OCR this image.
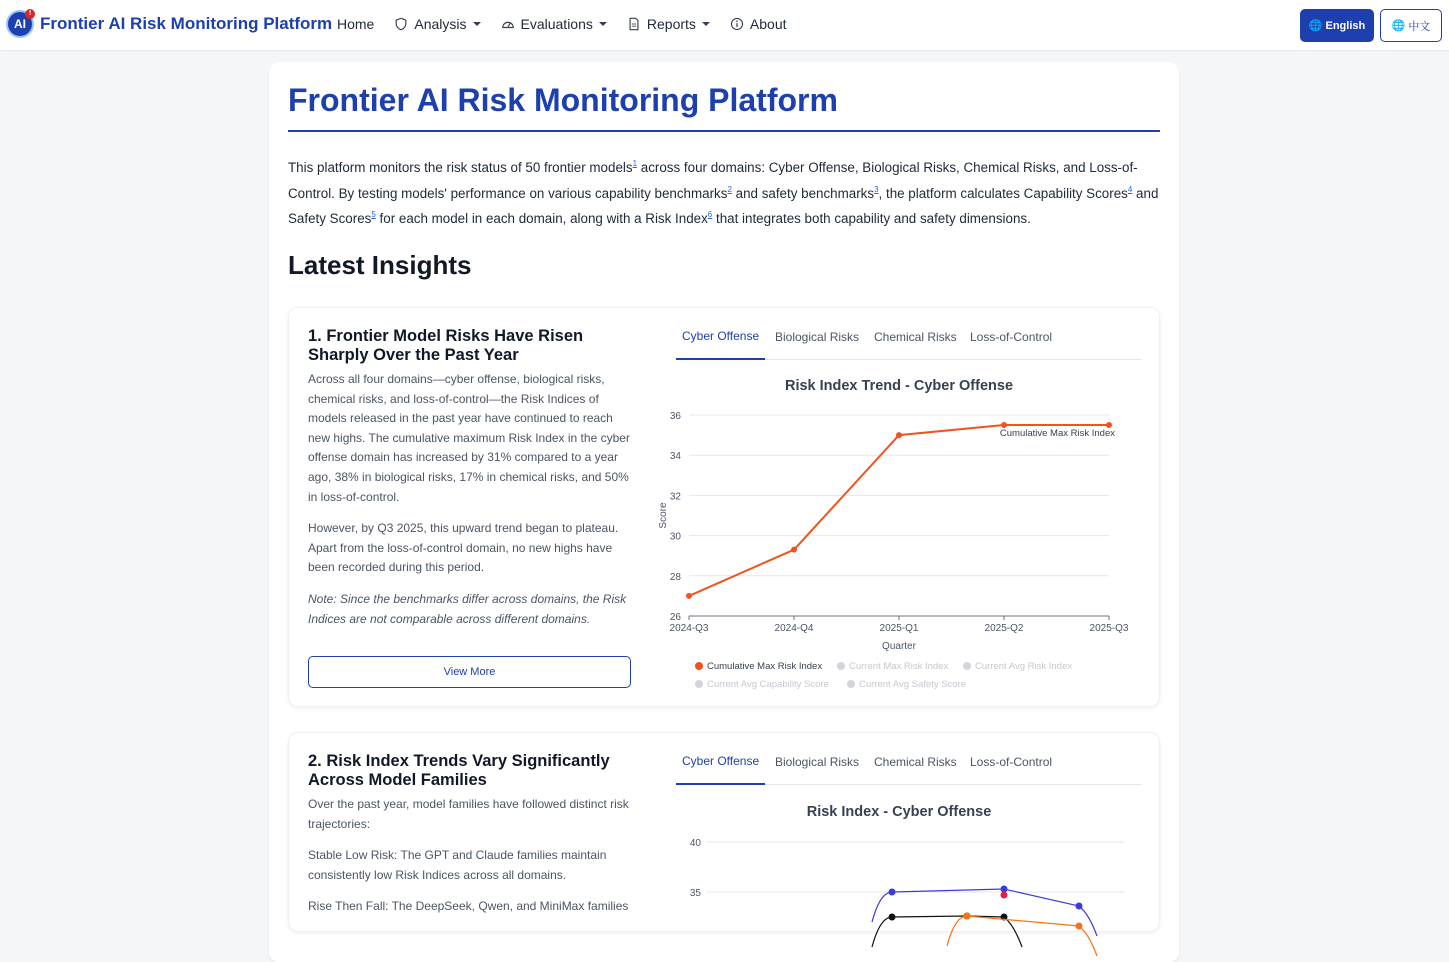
AI
!
Frontier AI Risk Monitoring Platform Home	Analysis	Evaluations	Reports	About	🌐 English 🌐 中文
Frontier AI Risk Monitoring Platform

This platform monitors the risk status of 50 frontier models$^1$ across four domains: Cyber Offense, Biological Risks, Chemical Risks, and Loss-of-Control. By testing models' performance on various capability benchmarks$^2$ and safety benchmarks$^3$, the platform calculates Capability Scores$^4$ and Safety Scores$^5$ for each model in each domain, along with a Risk Index$^6$ that integrates both capability and safety dimensions.

Latest Insights
1. Frontier Model Risks Have Risen Sharply Over the Past Year

Across all four domains—cyber offense, biological risks, chemical risks, and loss-of-control—the Risk Indices of models released in the past year have continued to reach new highs. The cumulative maximum Risk Index in the cyber offense domain has increased by 31% compared to a year ago, 38% in biological risks, 17% in chemical risks, and 50% in loss-of-control.

However, by Q3 2025, this upward trend began to plateau. Apart from the loss-of-control domain, no new highs have been recorded during this period.

Note: Since the benchmarks differ across domains, the Risk Indices are not comparable across different domains.

View More
Cyber Offense	Biological Risks	Chemical Risks	Loss-of-Control
Risk Index Trend - Cyber Offense
26
28
30
32
34
36
2024-Q3	2024-Q4	2025-Q1	2025-Q2	2025-Q3
Quarter
Score
Cumulative Max Risk Index
Cumulative Max Risk Index	Current Max Risk Index	Current Avg Risk Index
Current Avg Capability Score	Current Avg Safety Score
2. Risk Index Trends Vary Significantly Across Model Families

Over the past year, model families have followed distinct risk trajectories:

Stable Low Risk: The GPT and Claude families maintain consistently low Risk Indices across all domains.

Rise Then Fall: The DeepSeek, Qwen, and MiniMax families

Cyber Offense	Biological Risks	Chemical Risks	Loss-of-Control
Risk Index - Cyber Offense
35
40
